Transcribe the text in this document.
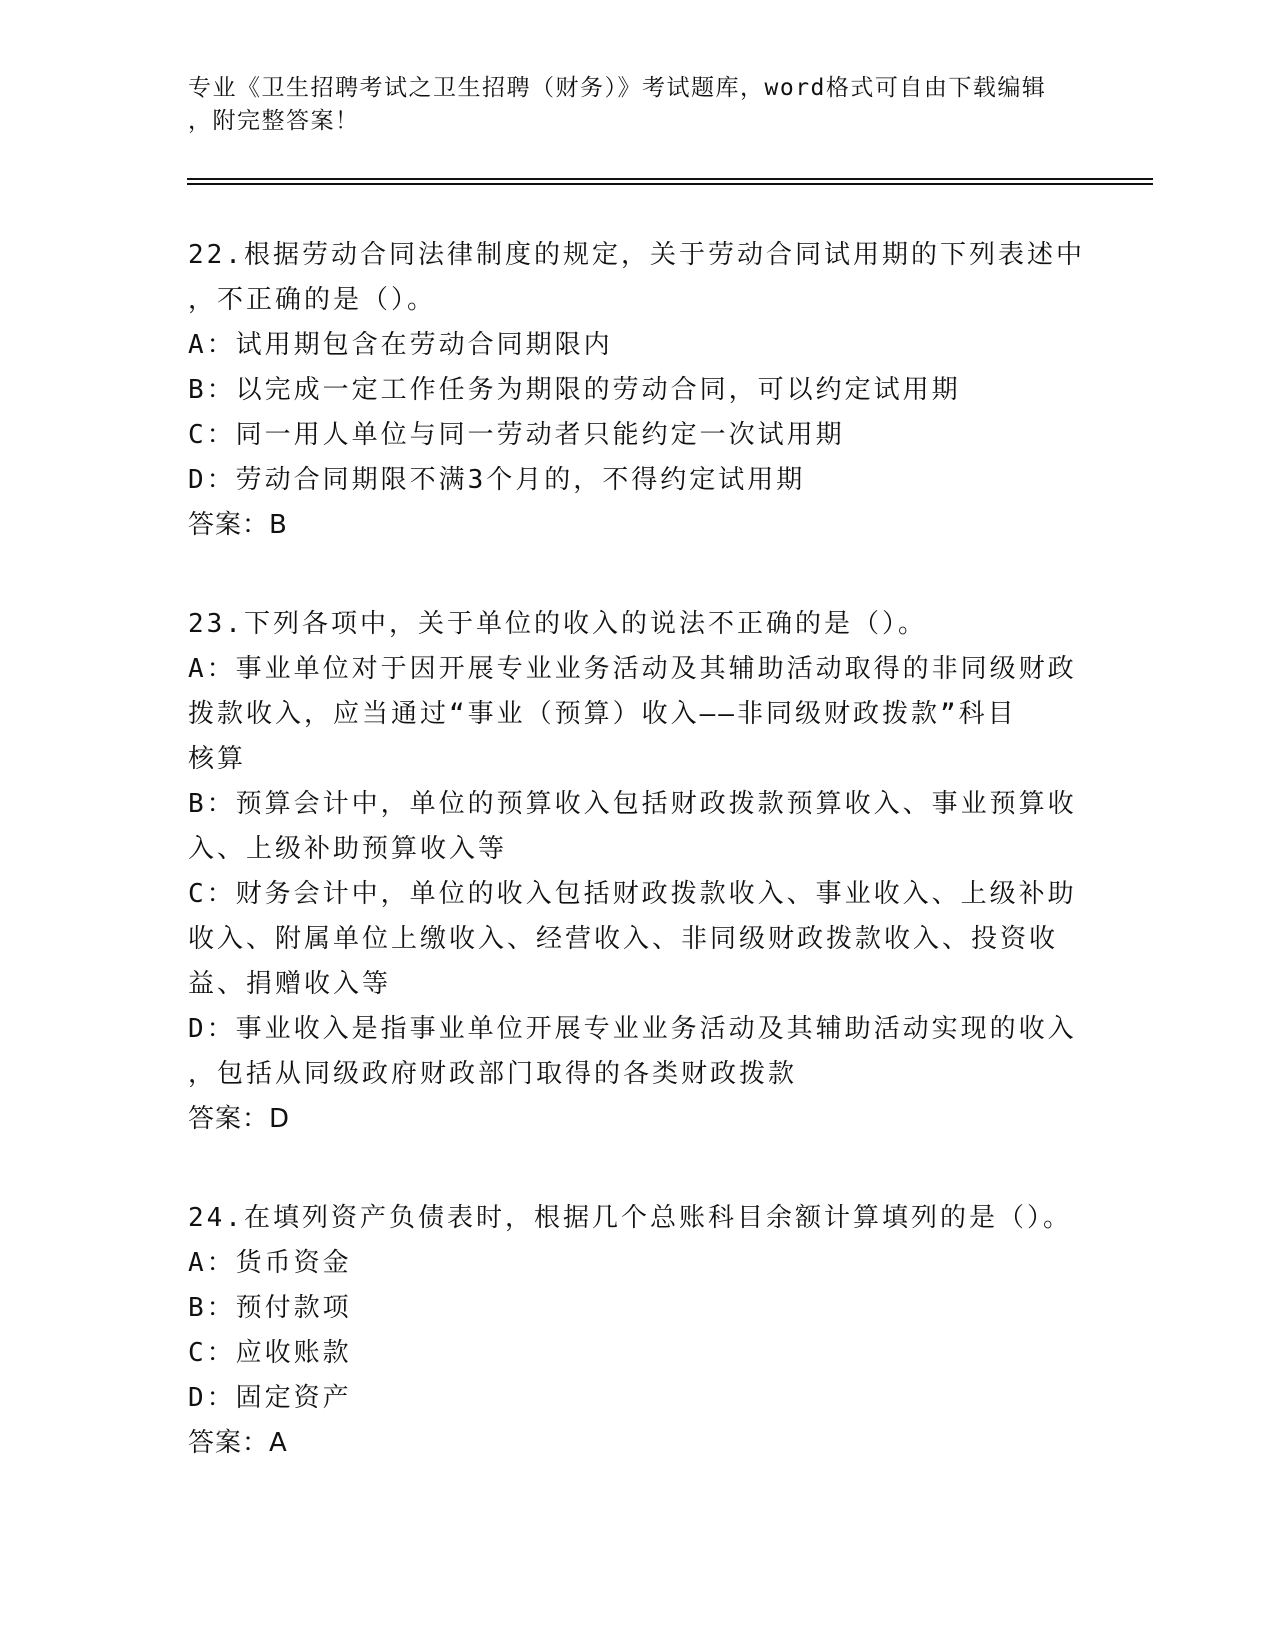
专业《卫生招聘考试之卫生招聘（财务）》考试题库，word格式可自由下载编辑
，附完整答案！
22.根据劳动合同法律制度的规定，关于劳动合同试用期的下列表述中
，不正确的是（）。
A：试用期包含在劳动合同期限内
B：以完成一定工作任务为期限的劳动合同，可以约定试用期
C：同一用人单位与同一劳动者只能约定一次试用期
D：劳动合同期限不满3个月的，不得约定试用期
答案：B
23.下列各项中，关于单位的收入的说法不正确的是（）。
A：事业单位对于因开展专业业务活动及其辅助活动取得的非同级财政
拨款收入，应当通过“事业（预算）收入——非同级财政拨款”科目
核算
B：预算会计中，单位的预算收入包括财政拨款预算收入、事业预算收
入、上级补助预算收入等
C：财务会计中，单位的收入包括财政拨款收入、事业收入、上级补助
收入、附属单位上缴收入、经营收入、非同级财政拨款收入、投资收
益、捐赠收入等
D：事业收入是指事业单位开展专业业务活动及其辅助活动实现的收入
，包括从同级政府财政部门取得的各类财政拨款
答案：D
24.在填列资产负债表时，根据几个总账科目余额计算填列的是（）。
A：货币资金
B：预付款项
C：应收账款
D：固定资产
答案：A
